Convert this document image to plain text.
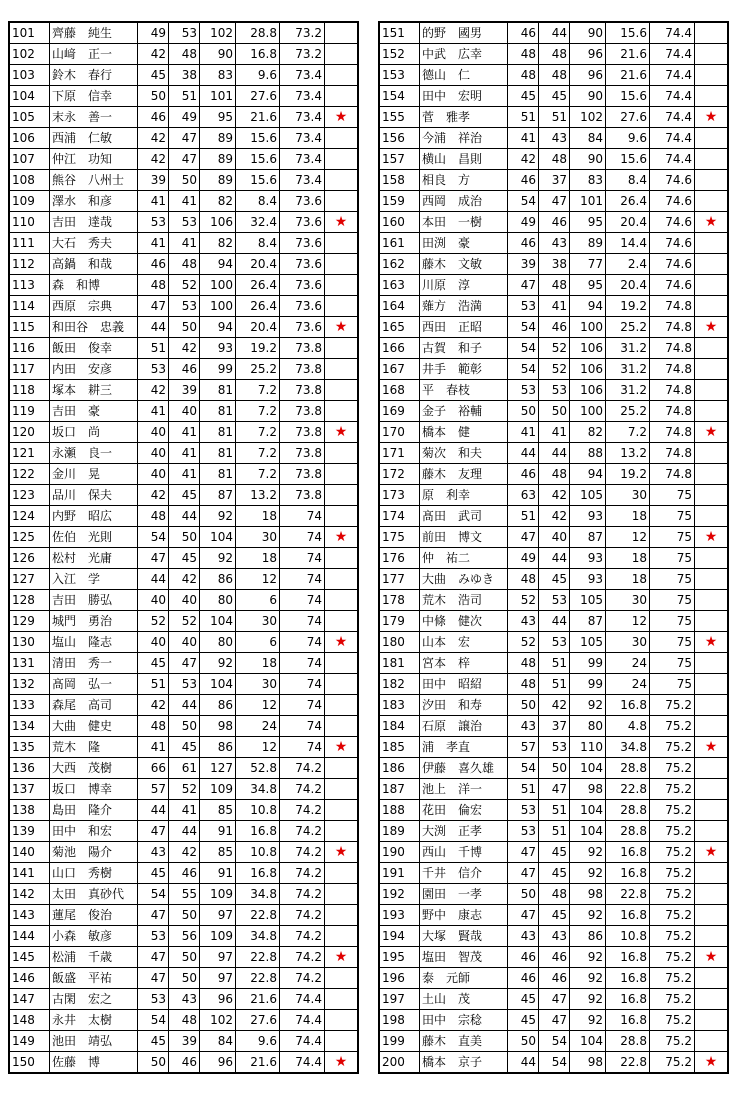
101	齊藤　純生	49	53	102	28.8	73.2	
102	山﨑　正一	42	48	90	16.8	73.2	
103	鈴木　春行	45	38	83	9.6	73.4	
104	下原　信幸	50	51	101	27.6	73.4	
105	末永　善一	46	49	95	21.6	73.4	★
106	西浦　仁敏	42	47	89	15.6	73.4	
107	仲江　功知	42	47	89	15.6	73.4	
108	熊谷　八州士	39	50	89	15.6	73.4	
109	澤水　和彦	41	41	82	8.4	73.6	
110	吉田　達哉	53	53	106	32.4	73.6	★
111	大石　秀夫	41	41	82	8.4	73.6	
112	高鍋　和哉	46	48	94	20.4	73.6	
113	森　和博	48	52	100	26.4	73.6	
114	西原　宗典	47	53	100	26.4	73.6	
115	和田谷　忠義	44	50	94	20.4	73.6	★
116	飯田　俊幸	51	42	93	19.2	73.8	
117	内田　安彦	53	46	99	25.2	73.8	
118	塚本　耕三	42	39	81	7.2	73.8	
119	吉田　豪	41	40	81	7.2	73.8	
120	坂口　尚	40	41	81	7.2	73.8	★
121	永瀬　良一	40	41	81	7.2	73.8	
122	金川　晃	40	41	81	7.2	73.8	
123	品川　保夫	42	45	87	13.2	73.8	
124	内野　昭広	48	44	92	18	74	
125	佐伯　光則	54	50	104	30	74	★
126	松村　光庸	47	45	92	18	74	
127	入江　学	44	42	86	12	74	
128	吉田　勝弘	40	40	80	6	74	
129	城門　勇治	52	52	104	30	74	
130	塩山　隆志	40	40	80	6	74	★
131	清田　秀一	45	47	92	18	74	
132	髙岡　弘一	51	53	104	30	74	
133	森尾　高司	42	44	86	12	74	
134	大曲　健史	48	50	98	24	74	
135	荒木　隆	41	45	86	12	74	★
136	大西　茂樹	66	61	127	52.8	74.2	
137	坂口　博幸	57	52	109	34.8	74.2	
138	島田　隆介	44	41	85	10.8	74.2	
139	田中　和宏	47	44	91	16.8	74.2	
140	菊池　陽介	43	42	85	10.8	74.2	★
141	山口　秀樹	45	46	91	16.8	74.2	
142	太田　真砂代	54	55	109	34.8	74.2	
143	蓮尾　俊治	47	50	97	22.8	74.2	
144	小森　敏彦	53	56	109	34.8	74.2	
145	松浦　千歳	47	50	97	22.8	74.2	★
146	飯盛　平祐	47	50	97	22.8	74.2	
147	古閑　宏之	53	43	96	21.6	74.4	
148	永井　太樹	54	48	102	27.6	74.4	
149	池田　靖弘	45	39	84	9.6	74.4	
150	佐藤　博	50	46	96	21.6	74.4	★
151	的野　國男	46	44	90	15.6	74.4	
152	中武　広幸	48	48	96	21.6	74.4	
153	德山　仁	48	48	96	21.6	74.4	
154	田中　宏明	45	45	90	15.6	74.4	
155	菅　雅孝	51	51	102	27.6	74.4	★
156	今浦　祥治	41	43	84	9.6	74.4	
157	横山　昌則	42	48	90	15.6	74.4	
158	相良　方	46	37	83	8.4	74.6	
159	西岡　成治	54	47	101	26.4	74.6	
160	本田　一樹	49	46	95	20.4	74.6	★
161	田渕　豪	46	43	89	14.4	74.6	
162	藤木　文敏	39	38	77	2.4	74.6	
163	川原　淳	47	48	95	20.4	74.6	
164	薙方　浩満	53	41	94	19.2	74.8	
165	西田　正昭	54	46	100	25.2	74.8	★
166	古賀　和子	54	52	106	31.2	74.8	
167	井手　範彰	54	52	106	31.2	74.8	
168	平　春枝	53	53	106	31.2	74.8	
169	金子　裕輔	50	50	100	25.2	74.8	
170	橋本　健	41	41	82	7.2	74.8	★
171	菊次　和夫	44	44	88	13.2	74.8	
172	藤木　友理	46	48	94	19.2	74.8	
173	原　利幸	63	42	105	30	75	
174	髙田　武司	51	42	93	18	75	
175	前田　博文	47	40	87	12	75	★
176	仲　祐二	49	44	93	18	75	
177	大曲　みゆき	48	45	93	18	75	
178	荒木　浩司	52	53	105	30	75	
179	中條　健次	43	44	87	12	75	
180	山本　宏	52	53	105	30	75	★
181	宮本　梓	48	51	99	24	75	
182	田中　昭紹	48	51	99	24	75	
183	汐田　和寿	50	42	92	16.8	75.2	
184	石原　譲治	43	37	80	4.8	75.2	
185	浦　孝直	57	53	110	34.8	75.2	★
186	伊藤　喜久雄	54	50	104	28.8	75.2	
187	池上　洋一	51	47	98	22.8	75.2	
188	花田　倫宏	53	51	104	28.8	75.2	
189	大渕　正孝	53	51	104	28.8	75.2	
190	西山　千博	47	45	92	16.8	75.2	★
191	千井　信介	47	45	92	16.8	75.2	
192	園田　一孝	50	48	98	22.8	75.2	
193	野中　康志	47	45	92	16.8	75.2	
194	大塚　賢哉	43	43	86	10.8	75.2	
195	塩田　智茂	46	46	92	16.8	75.2	★
196	泰　元師	46	46	92	16.8	75.2	
197	土山　茂	45	47	92	16.8	75.2	
198	田中　宗稔	45	47	92	16.8	75.2	
199	藤木　直美	50	54	104	28.8	75.2	
200	橋本　京子	44	54	98	22.8	75.2	★
